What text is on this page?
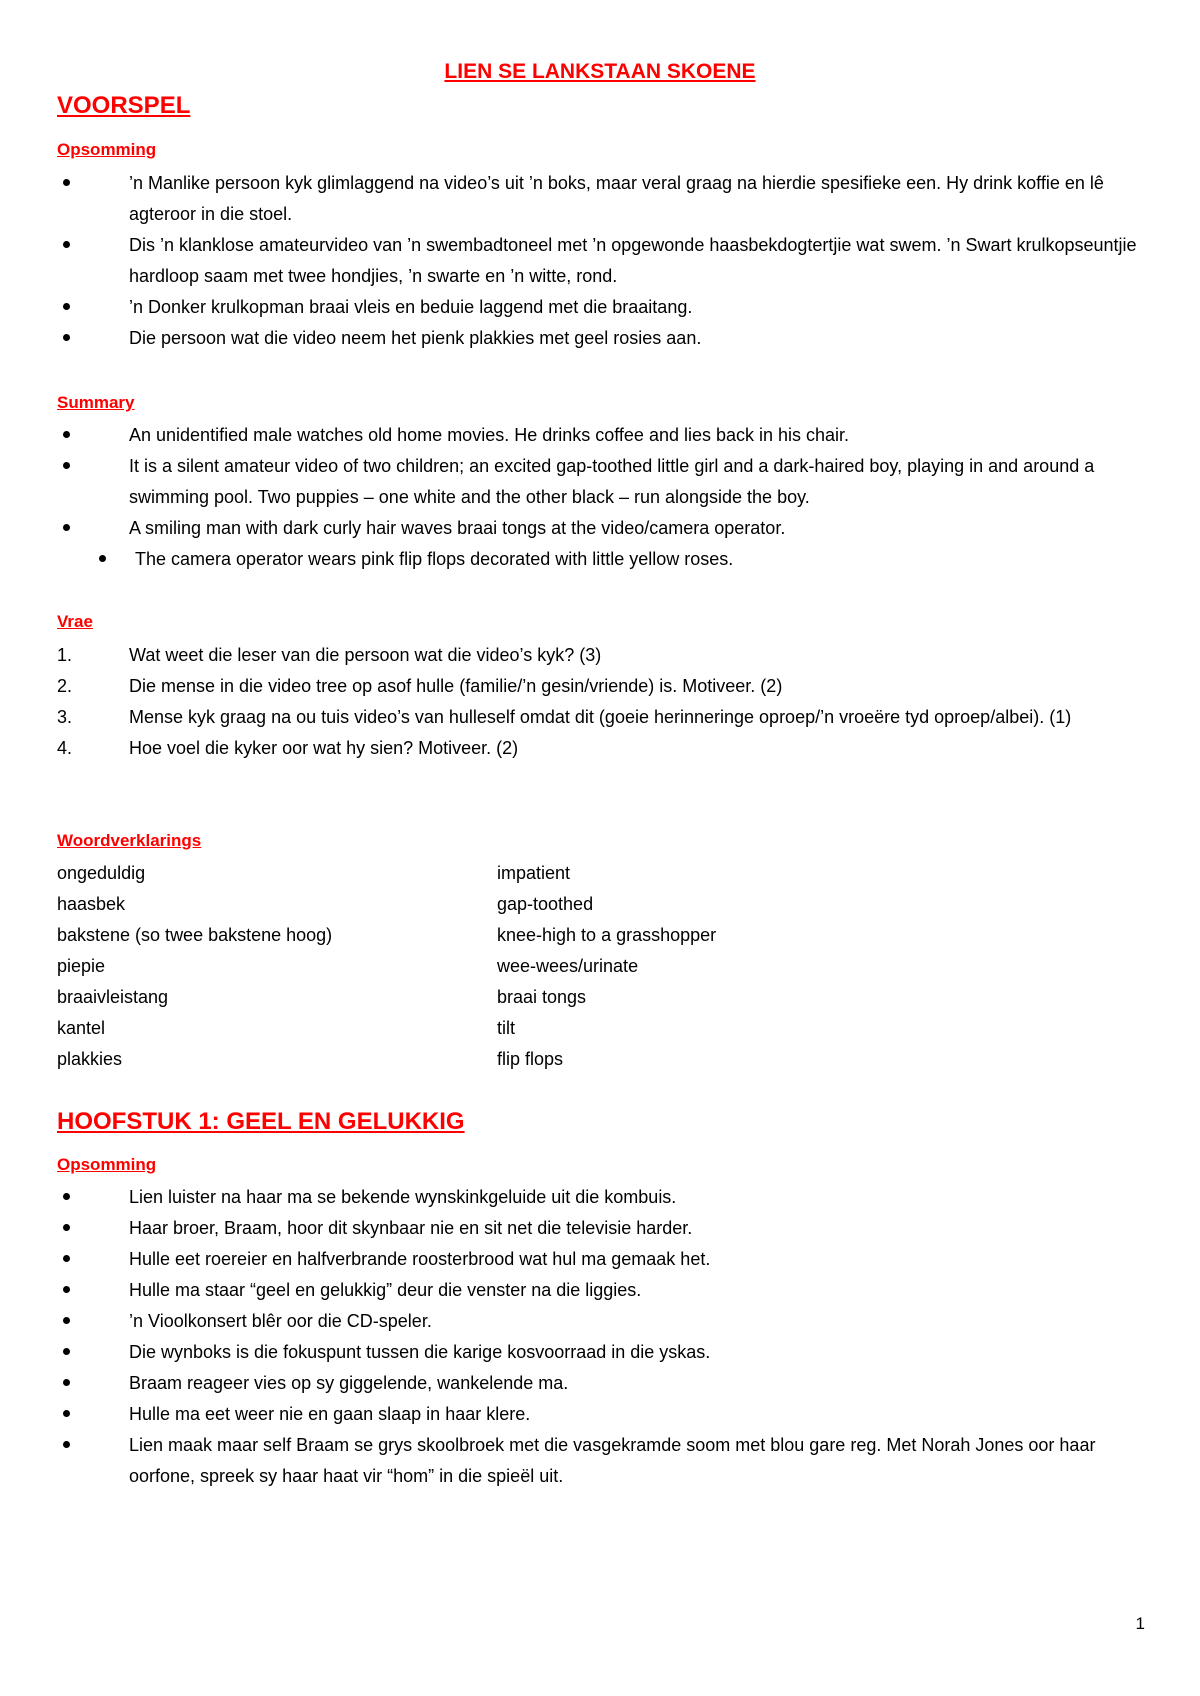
LIEN SE LANKSTAAN SKOENE
VOORSPEL
Opsomming
’n Manlike persoon kyk glimlaggend na video’s uit ’n boks, maar veral graag na hierdie spesifieke een. Hy drink koffie en lê agteroor in die stoel.
Dis ’n klanklose amateurvideo van ’n swembadtoneel met ’n opgewonde haasbekdogtertjie wat swem. ’n Swart krulkopseuntjie hardloop saam met twee hondjies, ’n swarte en ’n witte, rond.
’n Donker krulkopman braai vleis en beduie laggend met die braaitang.
Die persoon wat die video neem het pienk plakkies met geel rosies aan.
Summary
An unidentified male watches old home movies. He drinks coffee and lies back in his chair.
It is a silent amateur video of two children; an excited gap-toothed little girl and a dark-haired boy, playing in and around a swimming pool. Two puppies – one white and the other black – run alongside the boy.
A smiling man with dark curly hair waves braai tongs at the video/camera operator.
The camera operator wears pink flip flops decorated with little yellow roses.
Vrae
1.	Wat weet die leser van die persoon wat die video’s kyk? (3)
2.	Die mense in die video tree op asof hulle (familie/’n gesin/vriende) is. Motiveer. (2)
3.	Mense kyk graag na ou tuis video’s van hulleself omdat dit (goeie herinneringe oproep/’n vroeëre tyd oproep/albei). (1)
4.	Hoe voel die kyker oor wat hy sien? Motiveer. (2)
Woordverklarings
ongeduldig	impatient
haasbek	gap-toothed
bakstene (so twee bakstene hoog)	knee-high to a grasshopper
piepie	wee-wees/urinate
braaivleistang	braai tongs
kantel	tilt
plakkies	flip flops
HOOFSTUK 1: GEEL EN GELUKKIG
Opsomming
Lien luister na haar ma se bekende wynskinkgeluide uit die kombuis.
Haar broer, Braam, hoor dit skynbaar nie en sit net die televisie harder.
Hulle eet roereier en halfverbrande roosterbrood wat hul ma gemaak het.
Hulle ma staar “geel en gelukkig” deur die venster na die liggies.
’n Vioolkonsert blêr oor die CD-speler.
Die wynboks is die fokuspunt tussen die karige kosvoorraad in die yskas.
Braam reageer vies op sy giggelende, wankelende ma.
Hulle ma eet weer nie en gaan slaap in haar klere.
Lien maak maar self Braam se grys skoolbroek met die vasgekramde soom met blou gare reg. Met Norah Jones oor haar oorfone, spreek sy haar haat vir “hom” in die spieël uit.
1
